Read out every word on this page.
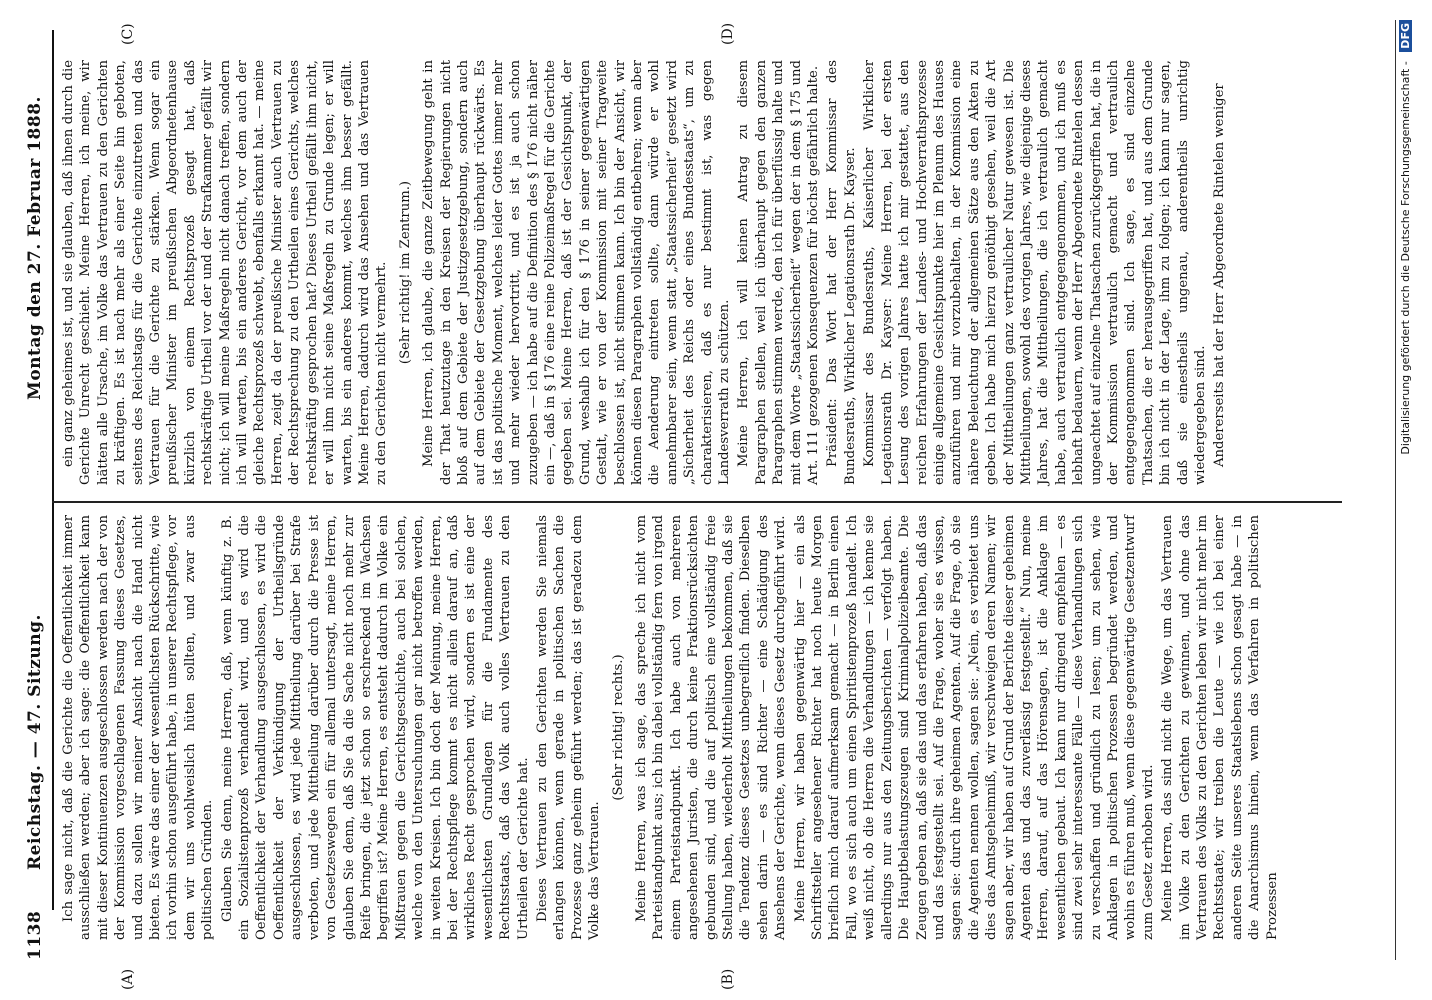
1138
Reichstag. — 47. Sitzung.
Montag den 27. Februar 1888.
(A)	(B)
(C)	(D)

Ich sage nicht, daß die Gerichte die Oeffentlichkeit immer ausschließen werden; aber ich sage: die Oeffentlichkeit kann mit dieser Kontinuenzen ausgeschlossen werden nach der von der Kommission vorgeschlagenen Fassung dieses Gesetzes, und dazu sollen wir meiner Ansicht nach die Hand nicht bieten. Es wäre das einer der wesentlichsten Rückschritte, wie ich vorhin schon ausgeführt habe, in unserer Rechtspflege, vor dem wir uns wohlweislich hüten sollten, und zwar aus politischen Gründen. Glauben Sie denn, meine Herren, daß, wenn künftig z. B. ein Sozialistenprozeß verhandelt wird, und es wird die Oeffentlichkeit der Verhandlung ausgeschlossen, es wird die Oeffentlichkeit der Verkündigung der Urtheilsgründe ausgeschlossen, es wird jede Mittheilung darüber bei Strafe verboten, und jede Mittheilung darüber durch die Presse ist von Gesetzeswegen ein für allemal untersagt, meine Herren, glauben Sie denn, daß Sie da die Sache nicht noch mehr zur Reife bringen, die jetzt schon so erschreckend im Wachsen begriffen ist? Meine Herren, es entsteht dadurch im Volke ein Mißtrauen gegen die Gerichtsgeschichte, auch bei solchen, welche von den Untersuchungen gar nicht betroffen werden, in weiten Kreisen. Ich bin doch der Meinung, meine Herren, bei der Rechtspflege kommt es nicht allein darauf an, daß wirkliches Recht gesprochen wird, sondern es ist eine der wesentlichsten Grundlagen für die Fundamente des Rechtsstaats, daß das Volk auch volles Vertrauen zu den Urtheilen der Gerichte hat. Dieses Vertrauen zu den Gerichten werden Sie niemals erlangen können, wenn gerade in politischen Sachen die Prozesse ganz geheim geführt werden; das ist geradezu dem Volke das Vertrauen.

(Sehr richtig! rechts.) Meine Herren, was ich sage, das spreche ich nicht vom Parteistandpunkt aus; ich bin dabei vollständig fern von irgend einem Parteistandpunkt. Ich habe auch von mehreren angesehenen Juristen, die durch keine Fraktionsrücksichten gebunden sind, und die auf politisch eine vollständig freie Stellung haben, wiederholt Mittheilungen bekommen, daß sie die Tendenz dieses Gesetzes unbegreiflich finden. Dieselben sehen darin — es sind Richter — eine Schädigung des Ansehens der Gerichte, wenn dieses Gesetz durchgeführt wird. Meine Herren, wir haben gegenwärtig hier — ein als Schriftsteller angesehener Richter hat noch heute Morgen brieflich mich darauf aufmerksam gemacht — in Berlin einen Fall, wo es sich auch um einen Spiritistenprozeß handelt. Ich weiß nicht, ob die Herren die Verhandlungen — ich kenne sie allerdings nur aus den Zeitungsberichten — verfolgt haben. Die Hauptbelastungszeugen sind Kriminalpolizeibeamte. Die Zeugen geben an, daß sie das und das erfahren haben, daß das und das festgestellt sei. Auf die Frage, woher sie es wissen, sagen sie: durch ihre geheimen Agenten. Auf die Frage, ob sie die Agenten nennen wollen, sagen sie: „Nein, es verbietet uns dies das Amtsgeheimniß, wir verschweigen deren Namen; wir sagen aber, wir haben auf Grund der Berichte dieser geheimen Agenten das und das zuverlässig festgestellt.“ Nun, meine Herren, darauf, auf das Hörensagen, ist die Anklage im wesentlichen gebaut. Ich kann nur dringend empfehlen — es sind zwei sehr interessante Fälle — diese Verhandlungen sich zu verschaffen und gründlich zu lesen; um zu sehen, wie Anklagen in politischen Prozessen begründet werden, und wohin es führen muß, wenn diese gegenwärtige Gesetzentwurf zum Gesetz erhoben wird. Meine Herren, das sind nicht die Wege, um das Vertrauen im Volke zu den Gerichten zu gewinnen, und ohne das Vertrauen des Volks zu den Gerichten leben wir nicht mehr im Rechtsstaate; wir treiben die Leute — wie ich bei einer anderen Seite unseres Staatslebens schon gesagt habe — in die Anarchismus hinein, wenn das Verfahren in politischen Prozessen

ein ganz geheimes ist, und sie glauben, daß ihnen durch die Gerichte Unrecht geschieht. Meine Herren, ich meine, wir hätten alle Ursache, im Volke das Vertrauen zu den Gerichten zu kräftigen. Es ist nach mehr als einer Seite hin geboten, seitens des Reichstags für die Gerichte einzutreten und das Vertrauen für die Gerichte zu stärken. Wenn sogar ein preußischer Minister im preußischen Abgeordnetenhause kürzlich von einem Rechtsprozeß gesagt hat, daß rechtskräftige Urtheil vor der und der Strafkammer gefällt wir nicht; ich will meine Maßregeln nicht danach treffen, sondern ich will warten, bis ein anderes Gericht, vor dem auch der gleiche Rechtsprozeß schwebt, ebenfalls erkannt hat. — meine Herren, zeigt da der preußische Minister auch Vertrauen zu der Rechtsprechung zu den Urtheilen eines Gerichts, welches rechtskräftig gesprochen hat? Dieses Urtheil gefällt ihm nicht, er will ihm nicht seine Maßregeln zu Grunde legen; er will warten, bis ein anderes kommt, welches ihm besser gefällt. Meine Herren, dadurch wird das Ansehen und das Vertrauen zu den Gerichten nicht vermehrt. (Sehr richtig! im Zentrum.) Meine Herren, ich glaube, die ganze Zeitbewegung geht in der That heutzutage in den Kreisen der Regierungen nicht bloß auf dem Gebiete der Justizgesetzgebung, sondern auch auf dem Gebiete der Gesetzgebung überhaupt rückwärts. Es ist das politische Moment, welches leider Gottes immer mehr und mehr wieder hervortritt, und es ist ja auch schon zuzugeben — ich habe auf die Definition des § 176 nicht näher ein —, daß in § 176 eine reine Polizeimaßregel für die Gerichte gegeben sei. Meine Herren, daß ist der Gesichtspunkt, der Grund, weshalb ich für den § 176 in seiner gegenwärtigen Gestalt, wie er von der Kommission mit seiner Tragweite beschlossen ist, nicht stimmen kann. Ich bin der Ansicht, wir können diesen Paragraphen vollständig entbehren; wenn aber die Aenderung eintreten sollte, dann würde er wohl annehmbarer sein, wenn statt „Staatssicherheit“ gesetzt wird „Sicherheit des Reichs oder eines Bundesstaats“, um zu charakterisieren, daß es nur bestimmt ist, was gegen Landesverrath zu schützen. Meine Herren, ich will keinen Antrag zu diesem Paragraphen stellen, weil ich überhaupt gegen den ganzen Paragraphen stimmen werde, den ich für überflüssig halte und mit dem Worte „Staatssicherheit“ wegen der in dem § 175 und Art. 111 gezogenen Konsequenzen für höchst gefährlich halte. Präsident: Das Wort hat der Herr Kommissar des Bundesraths, Wirklicher Legationsrath Dr. Kayser. Kommissar des Bundesraths, Kaiserlicher Wirklicher Legationsrath Dr. Kayser: Meine Herren, bei der ersten Lesung des vorigen Jahres hatte ich mir gestattet, aus den reichen Erfahrungen der Landes- und Hochverrathsprozesse einige allgemeine Gesichtspunkte hier im Plenum des Hauses anzuführen und mir vorzubehalten, in der Kommission eine nähere Beleuchtung der allgemeinen Sätze aus den Akten zu geben. Ich habe mich hierzu genöthigt gesehen, weil die Art der Mittheilungen ganz vertraulicher Natur gewesen ist. Die Mittheilungen, sowohl des vorigen Jahres, wie diejenige dieses Jahres, hat die Mittheilungen, die ich vertraulich gemacht habe, auch vertraulich entgegengenommen, und ich muß es lebhaft bedauern, wenn der Herr Abgeordnete Rintelen dessen ungeachtet auf einzelne Thatsachen zurückgegriffen hat, die in der Kommission vertraulich gemacht und vertraulich entgegengenommen sind. Ich sage, es sind einzelne Thatsachen, die er herausgegriffen hat, und aus dem Grunde bin ich nicht in der Lage, ihm zu folgen; ich kann nur sagen, daß sie einestheils ungenau, anderentheils unrichtig wiedergegeben sind. Andererseits hat der Herr Abgeordnete Rintelen weniger	Digitalisierung gefördert durch die Deutsche Forschungsgemeinschaft - DFG
